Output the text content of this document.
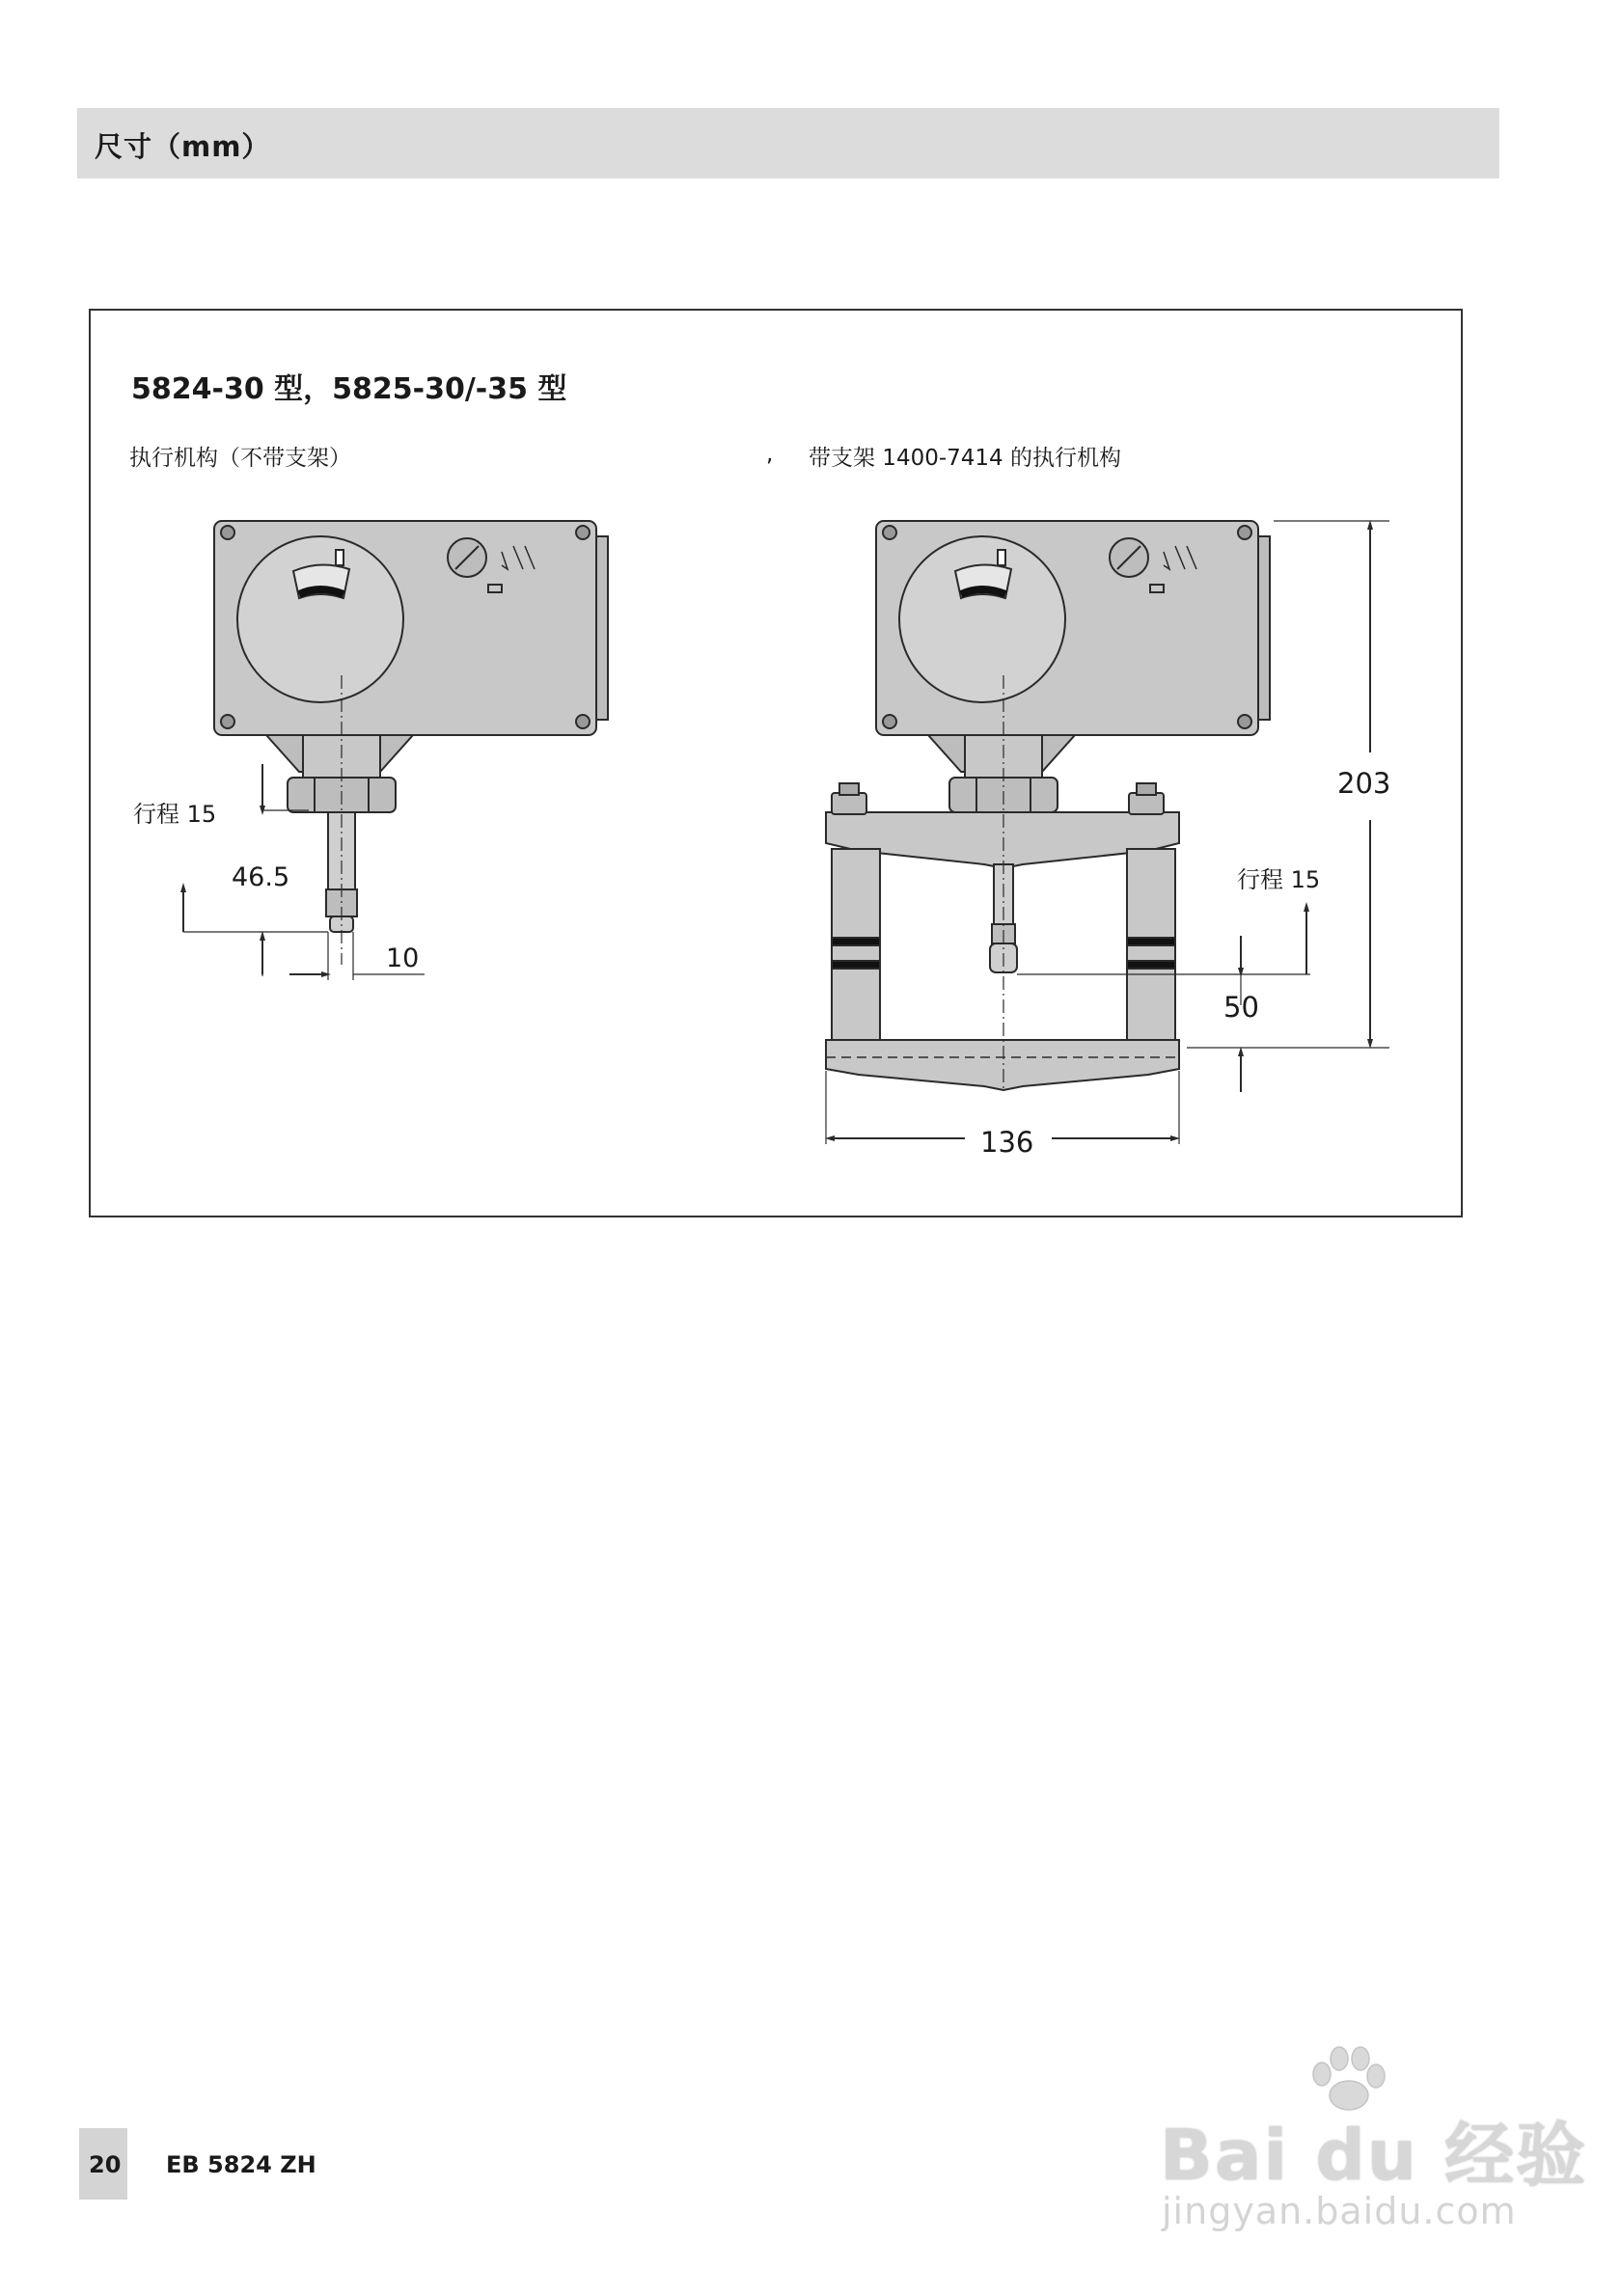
尺寸（mm）
5824-30 型，5825-30/-35 型
执行机构（不带支架）	, 带支架 1400-7414 的执行机构
行程 15
46.5
10
203
行程 15
50
136
20 EB 5824 ZH	Bai du 经验
jingyan.baidu.com
